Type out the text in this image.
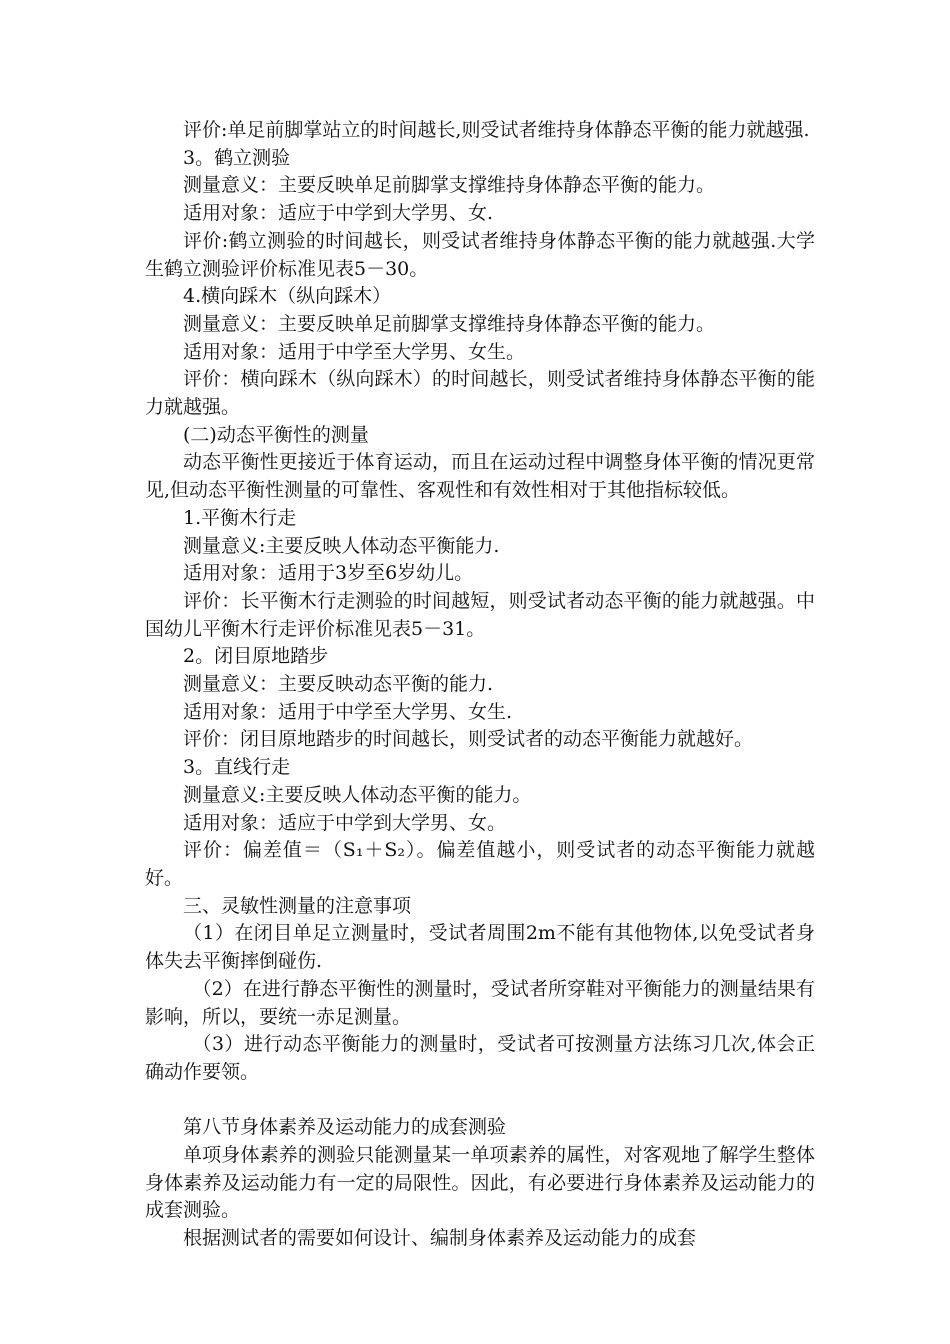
评价:单足前脚掌站立的时间越长,则受试者维持身体静态平衡的能力就越强.

3。鹤立测验

测量意义：主要反映单足前脚掌支撑维持身体静态平衡的能力。

适用对象：适应于中学到大学男、女.

评价:鹤立测验的时间越长，则受试者维持身体静态平衡的能力就越强.大学生鹤立测验评价标准见表5－30。

4.横向踩木（纵向踩木）

测量意义：主要反映单足前脚掌支撑维持身体静态平衡的能力。

适用对象：适用于中学至大学男、女生。

评价：横向踩木（纵向踩木）的时间越长，则受试者维持身体静态平衡的能力就越强。

(二)动态平衡性的测量

动态平衡性更接近于体育运动，而且在运动过程中调整身体平衡的情况更常见,但动态平衡性测量的可靠性、客观性和有效性相对于其他指标较低。

1.平衡木行走

测量意义:主要反映人体动态平衡能力.

适用对象：适用于3岁至6岁幼儿。

评价：长平衡木行走测验的时间越短，则受试者动态平衡的能力就越强。中国幼儿平衡木行走评价标准见表5－31。

2。闭目原地踏步

测量意义：主要反映动态平衡的能力.

适用对象：适用于中学至大学男、女生.

评价：闭目原地踏步的时间越长，则受试者的动态平衡能力就越好。

3。直线行走

测量意义:主要反映人体动态平衡的能力。

适用对象：适应于中学到大学男、女。

评价：偏差值＝（S₁＋S₂）。偏差值越小，则受试者的动态平衡能力就越好。

三、灵敏性测量的注意事项

（1）在闭目单足立测量时，受试者周围2m不能有其他物体,以免受试者身体失去平衡摔倒碰伤.

（2）在进行静态平衡性的测量时，受试者所穿鞋对平衡能力的测量结果有影响，所以，要统一赤足测量。

（3）进行动态平衡能力的测量时，受试者可按测量方法练习几次,体会正确动作要领。

第八节身体素养及运动能力的成套测验

单项身体素养的测验只能测量某一单项素养的属性，对客观地了解学生整体身体素养及运动能力有一定的局限性。因此，有必要进行身体素养及运动能力的成套测验。

根据测试者的需要如何设计、编制身体素养及运动能力的成套
